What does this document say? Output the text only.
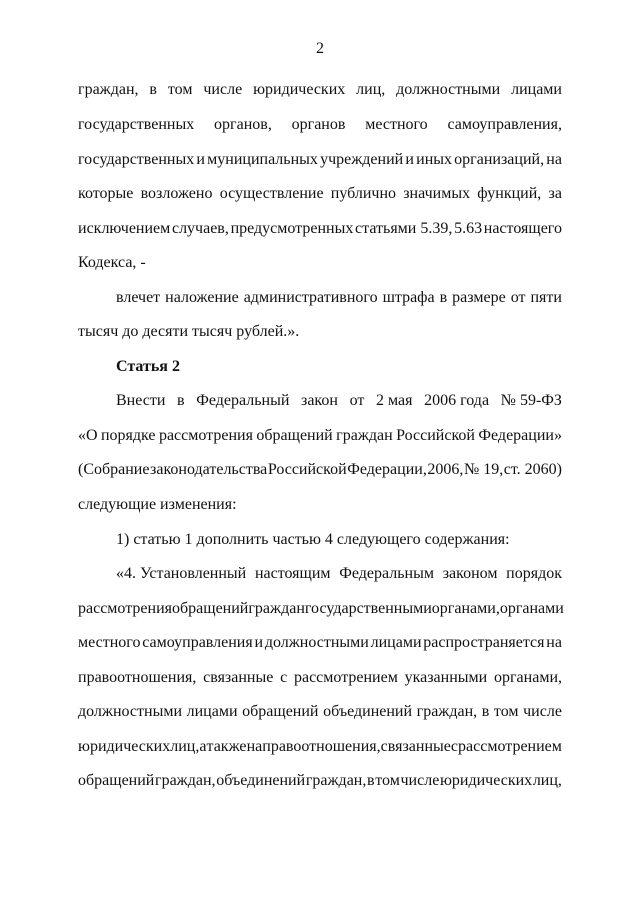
2
граждан, в том числе юридических лиц, должностными лицами
государственных органов, органов местного самоуправления,
государственных и муниципальных учреждений и иных организаций, на
которые возложено осуществление публично значимых функций, за
исключением случаев, предусмотренных статьями 5.39, 5.63 настоящего
Кодекса, -
влечет наложение административного штрафа в размере от пяти
тысяч до десяти тысяч рублей.».
Статья 2
Внести в Федеральный закон от 2 мая 2006 года № 59-ФЗ
«О порядке рассмотрения обращений граждан Российской Федерации»
(Собрание законодательства Российской Федерации, 2006, № 19, ст. 2060)
следующие изменения:
1) статью 1 дополнить частью 4 следующего содержания:
«4. Установленный настоящим Федеральным законом порядок
рассмотрения обращений граждан государственными органами, органами
местного самоуправления и должностными лицами распространяется на
правоотношения, связанные с рассмотрением указанными органами,
должностными лицами обращений объединений граждан, в том числе
юридических лиц, а также на правоотношения, связанные с рассмотрением
обращений граждан, объединений граждан, в том числе юридических лиц,
